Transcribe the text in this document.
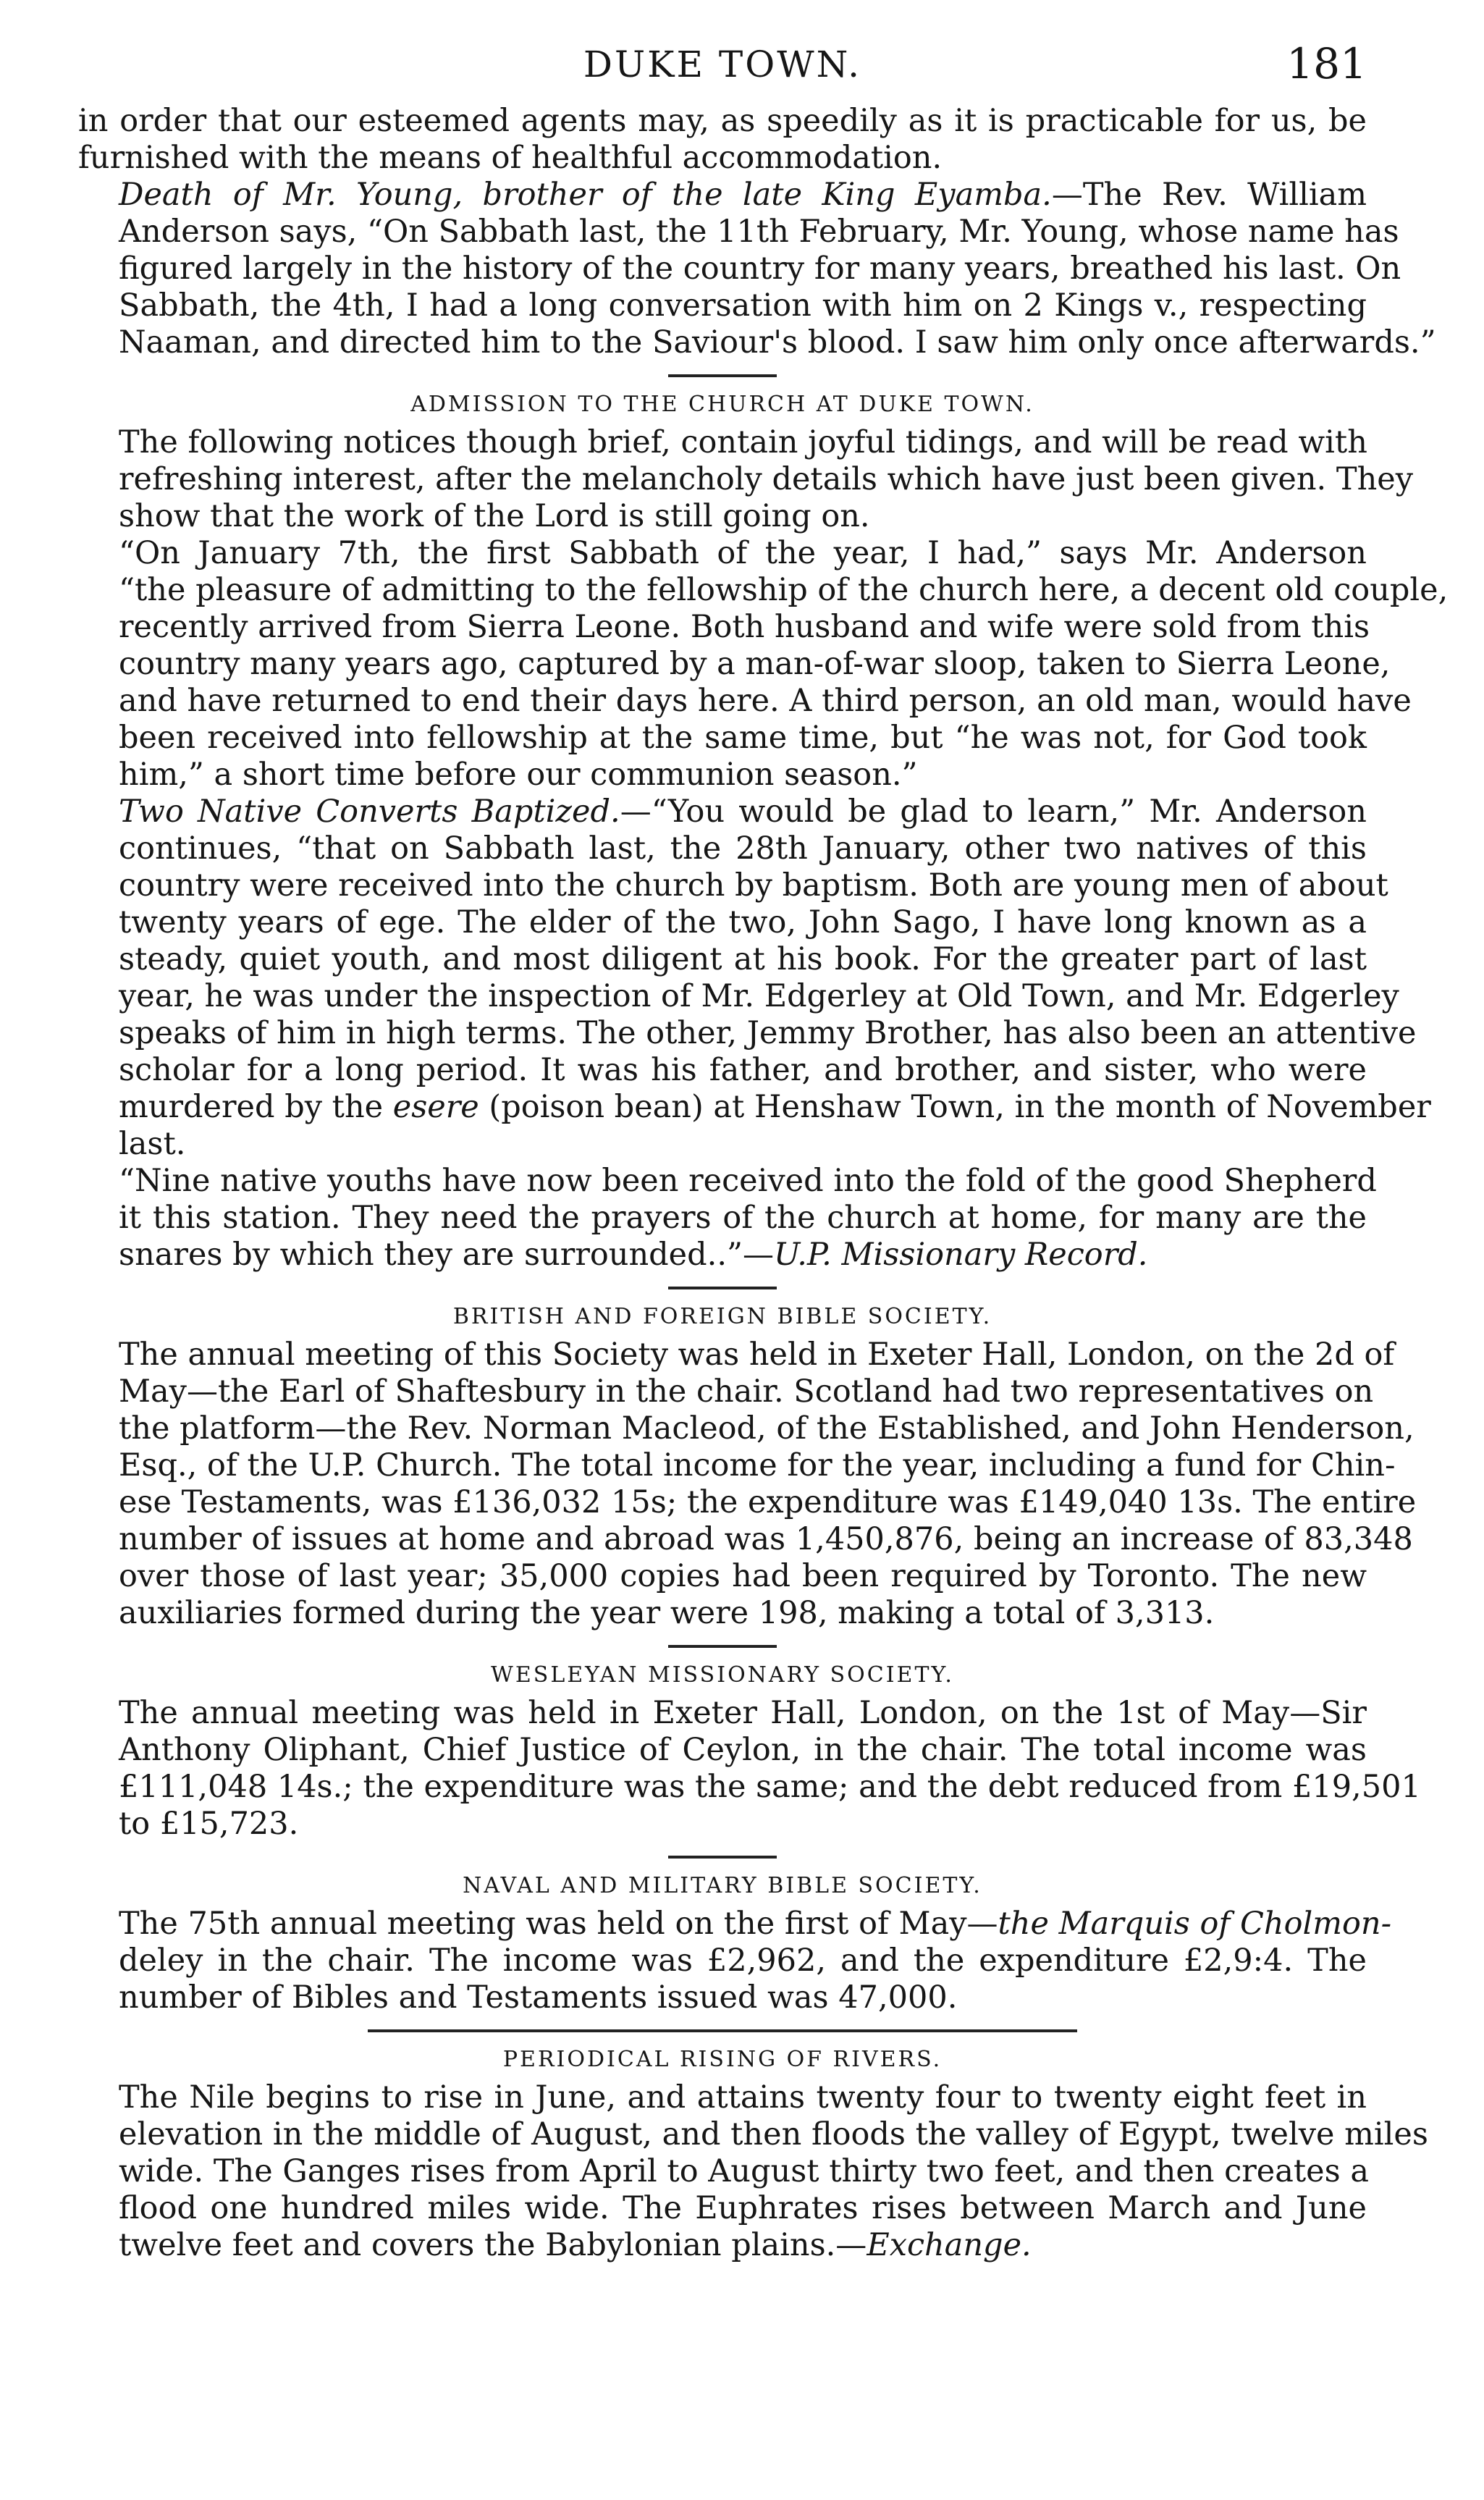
DUKE TOWN.	181

in order that our esteemed agents may, as speedily as it is practicable for us, be
furnished with the means of healthful accommodation.

Death of Mr. Young, brother of the late King Eyamba.—The Rev. William
Anderson says, “On Sabbath last, the 11th February, Mr. Young, whose name has
figured largely in the history of the country for many years, breathed his last. On
Sabbath, the 4th, I had a long conversation with him on 2 Kings v., respecting
Naaman, and directed him to the Saviour's blood. I saw him only once afterwards.”

ADMISSION TO THE CHURCH AT DUKE TOWN.

The following notices though brief, contain joyful tidings, and will be read with
refreshing interest, after the melancholy details which have just been given. They
show that the work of the Lord is still going on.

“On January 7th, the first Sabbath of the year, I had,” says Mr. Anderson
“the pleasure of admitting to the fellowship of the church here, a decent old couple,
recently arrived from Sierra Leone. Both husband and wife were sold from this
country many years ago, captured by a man-of-war sloop, taken to Sierra Leone,
and have returned to end their days here. A third person, an old man, would have
been received into fellowship at the same time, but “he was not, for God took
him,” a short time before our communion season.”

Two Native Converts Baptized.—“You would be glad to learn,” Mr. Anderson
continues, “that on Sabbath last, the 28th January, other two natives of this
country were received into the church by baptism. Both are young men of about
twenty years of ege. The elder of the two, John Sago, I have long known as a
steady, quiet youth, and most diligent at his book. For the greater part of last
year, he was under the inspection of Mr. Edgerley at Old Town, and Mr. Edgerley
speaks of him in high terms. The other, Jemmy Brother, has also been an attentive
scholar for a long period. It was his father, and brother, and sister, who were
murdered by the esere (poison bean) at Henshaw Town, in the month of November
last.

“Nine native youths have now been received into the fold of the good Shepherd
it this station. They need the prayers of the church at home, for many are the
snares by which they are surrounded..”—U.P. Missionary Record.

BRITISH AND FOREIGN BIBLE SOCIETY.

The annual meeting of this Society was held in Exeter Hall, London, on the 2d of
May—the Earl of Shaftesbury in the chair. Scotland had two representatives on
the platform—the Rev. Norman Macleod, of the Established, and John Henderson,
Esq., of the U.P. Church. The total income for the year, including a fund for Chin-
ese Testaments, was £136,032 15s; the expenditure was £149,040 13s. The entire
number of issues at home and abroad was 1,450,876, being an increase of 83,348
over those of last year; 35,000 copies had been required by Toronto. The new
auxiliaries formed during the year were 198, making a total of 3,313.

WESLEYAN MISSIONARY SOCIETY.

The annual meeting was held in Exeter Hall, London, on the 1st of May—Sir
Anthony Oliphant, Chief Justice of Ceylon, in the chair. The total income was
£111,048 14s.; the expenditure was the same; and the debt reduced from £19,501
to £15,723.

NAVAL AND MILITARY BIBLE SOCIETY.

The 75th annual meeting was held on the first of May—the Marquis of Cholmon-
deley in the chair. The income was £2,962, and the expenditure £2,9:4. The
number of Bibles and Testaments issued was 47,000.

PERIODICAL RISING OF RIVERS.

The Nile begins to rise in June, and attains twenty four to twenty eight feet in
elevation in the middle of August, and then floods the valley of Egypt, twelve miles
wide. The Ganges rises from April to August thirty two feet, and then creates a
flood one hundred miles wide. The Euphrates rises between March and June
twelve feet and covers the Babylonian plains.—Exchange.
